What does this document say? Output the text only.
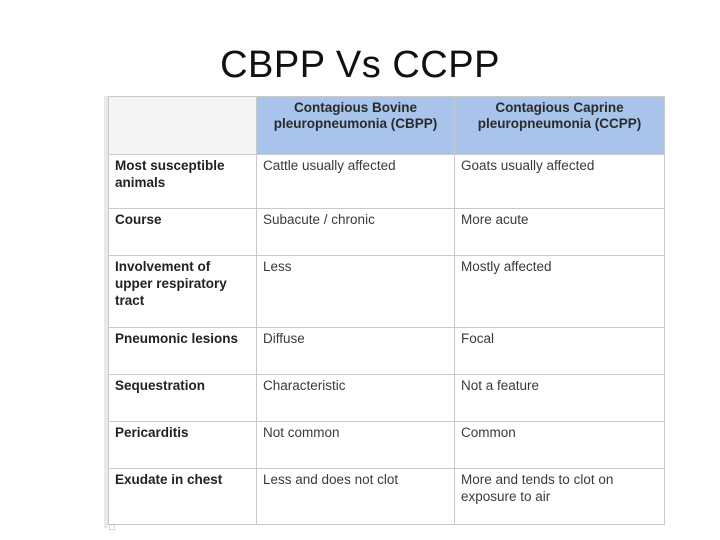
CBPP Vs CCPP
	Contagious Bovine pleuropneumonia (CBPP)	Contagious Caprine pleuropneumonia (CCPP)
Most susceptible animals	Cattle usually affected	Goats usually affected
Course	Subacute / chronic	More acute
Involvement of upper respiratory tract	Less	Mostly affected
Pneumonic lesions	Diffuse	Focal
Sequestration	Characteristic	Not a feature
Pericarditis	Not common	Common
Exudate in chest	Less and does not clot	More and tends to clot on exposure to air
□
